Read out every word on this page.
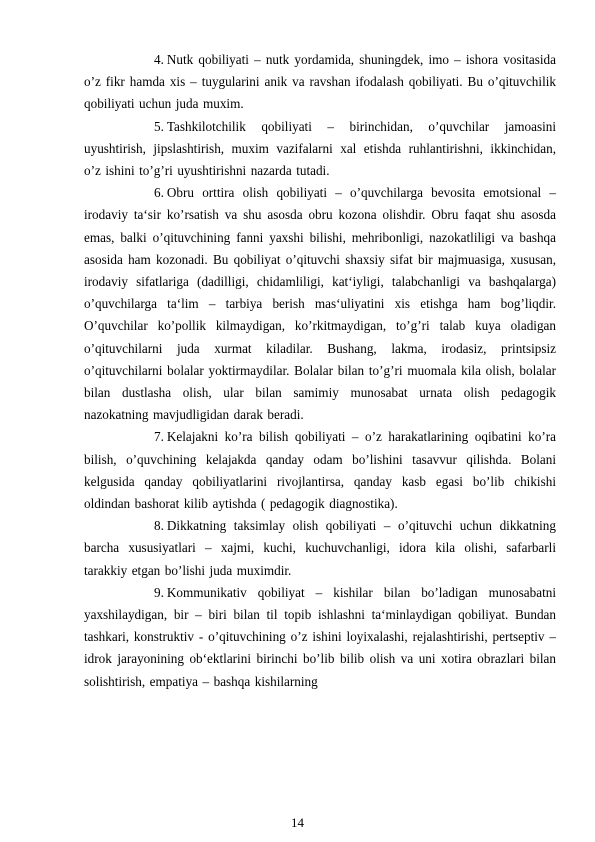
4. Nutk qobiliyati – nutk yordamida, shuningdek, imo – ishora vositasida o’z fikr hamda xis – tuygularini anik va ravshan ifodalash qobiliyati. Bu o’qituvchilik qobiliyati uchun juda muxim.

5. Tashkilotchilik qobiliyati – birinchidan, o’quvchilar jamoasini uyushtirish, jipslashtirish, muxim vazifalarni xal etishda ruhlantirishni, ikkinchidan, o’z ishini to’g’ri uyushtirishni nazarda tutadi.

6. Obru orttira olish qobiliyati – o’quvchilarga bevosita emotsional – irodaviy ta‘sir ko’rsatish va shu asosda obru kozona olishdir. Obru faqat shu asosda emas, balki o’qituvchining fanni yaxshi bilishi, mehribonligi, nazokatliligi va bashqa asosida ham kozonadi. Bu qobiliyat o’qituvchi shaxsiy sifat bir majmuasiga, xususan, irodaviy sifatlariga (dadilligi, chidamliligi, kat‘iyligi, talabchanligi va bashqalarga) o’quvchilarga ta‘lim – tarbiya berish mas‘uliyatini xis etishga ham bog’liqdir. O’quvchilar ko’pollik kilmaydigan, ko’rkitmaydigan, to’g’ri talab kuya oladigan o’qituvchilarni juda xurmat kiladilar. Bushang, lakma, irodasiz, printsipsiz o’qituvchilarni bolalar yoktirmaydilar. Bolalar bilan to’g’ri muomala kila olish, bolalar bilan dustlasha olish, ular bilan samimiy munosabat urnata olish pedagogik nazokatning mavjudligidan darak beradi.

7. Kelajakni ko’ra bilish qobiliyati – o’z harakatlarining oqibatini ko’ra bilish, o’quvchining kelajakda qanday odam bo’lishini tasavvur qilishda. Bolani kelgusida qanday qobiliyatlarini rivojlantirsa, qanday kasb egasi bo’lib chikishi oldindan bashorat kilib aytishda ( pedagogik diagnostika).

8. Dikkatning taksimlay olish qobiliyati – o’qituvchi uchun dikkatning barcha xususiyatlari – xajmi, kuchi, kuchuvchanligi, idora kila olishi, safarbarli tarakkiy etgan bo’lishi juda muximdir.

9. Kommunikativ qobiliyat – kishilar bilan bo’ladigan munosabatni yaxshilaydigan, bir – biri bilan til topib ishlashni ta‘minlaydigan qobiliyat. Bundan tashkari, konstruktiv - o’qituvchining o’z ishini loyixalashi, rejalashtirishi, pertseptiv – idrok jarayonining ob‘ektlarini birinchi bo’lib bilib olish va uni xotira obrazlari bilan solishtirish, empatiya – bashqa kishilarning

14
